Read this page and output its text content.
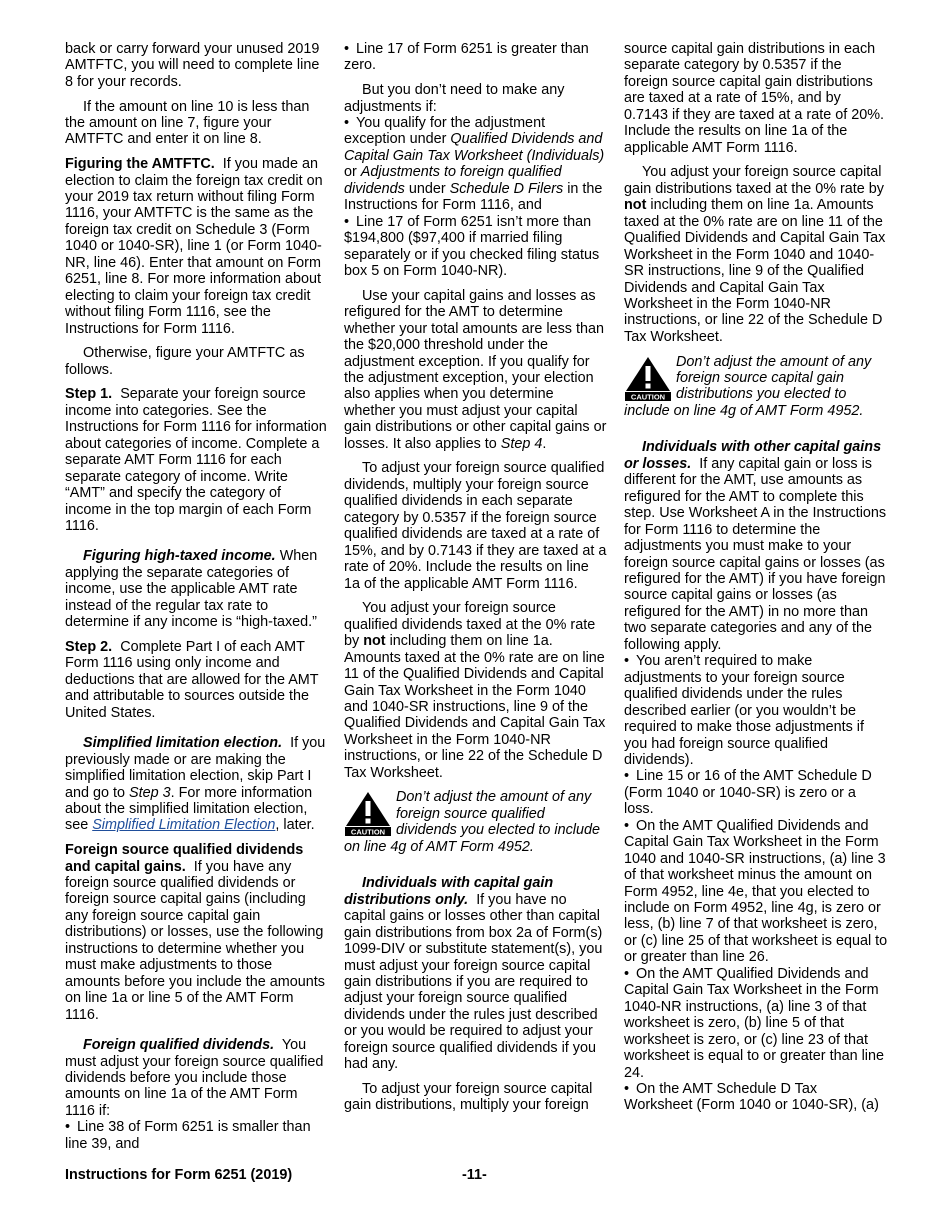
back or carry forward your unused 2019 AMTFTC, you will need to complete line 8 for your records.

If the amount on line 10 is less than the amount on line 7, figure your AMTFTC and enter it on line 8.

Figuring the AMTFTC. If you made an election to claim the foreign tax credit on your 2019 tax return without filing Form 1116, your AMTFTC is the same as the foreign tax credit on Schedule 3 (Form 1040 or 1040-SR), line 1 (or Form 1040-NR, line 46). Enter that amount on Form 6251, line 8. For more information about electing to claim your foreign tax credit without filing Form 1116, see the Instructions for Form 1116.

Otherwise, figure your AMTFTC as follows.

Step 1. Separate your foreign source income into categories. See the Instructions for Form 1116 for information about categories of income. Complete a separate AMT Form 1116 for each separate category of income. Write “AMT” and specify the category of income in the top margin of each Form 1116.

Figuring high-taxed income. When applying the separate categories of income, use the applicable AMT rate instead of the regular tax rate to determine if any income is “high-taxed.”

Step 2. Complete Part I of each AMT Form 1116 using only income and deductions that are allowed for the AMT and attributable to sources outside the United States.

Simplified limitation election. If you previously made or are making the simplified limitation election, skip Part I and go to Step 3. For more information about the simplified limitation election, see Simplified Limitation Election, later.

Foreign source qualified dividends and capital gains. If you have any foreign source qualified dividends or foreign source capital gains (including any foreign source capital gain distributions) or losses, use the following instructions to determine whether you must make adjustments to those amounts before you include the amounts on line 1a or line 5 of the AMT Form 1116.

Foreign qualified dividends. You must adjust your foreign source qualified dividends before you include those amounts on line 1a of the AMT Form 1116 if:

• Line 38 of Form 6251 is smaller than line 39, and

• Line 17 of Form 6251 is greater than zero.

But you don’t need to make any adjustments if:

• You qualify for the adjustment exception under Qualified Dividends and Capital Gain Tax Worksheet (Individuals) or Adjustments to foreign qualified dividends under Schedule D Filers in the Instructions for Form 1116, and

• Line 17 of Form 6251 isn’t more than $194,800 ($97,400 if married filing separately or if you checked filing status box 5 on Form 1040-NR).

Use your capital gains and losses as refigured for the AMT to determine whether your total amounts are less than the $20,000 threshold under the adjustment exception. If you qualify for the adjustment exception, your election also applies when you determine whether you must adjust your capital gain distributions or other capital gains or losses. It also applies to Step 4.

To adjust your foreign source qualified dividends, multiply your foreign source qualified dividends in each separate category by 0.5357 if the foreign source qualified dividends are taxed at a rate of 15%, and by 0.7143 if they are taxed at a rate of 20%. Include the results on line 1a of the applicable AMT Form 1116.

You adjust your foreign source qualified dividends taxed at the 0% rate by not including them on line 1a. Amounts taxed at the 0% rate are on line 11 of the Qualified Dividends and Capital Gain Tax Worksheet in the Form 1040 and 1040-SR instructions, line 9 of the Qualified Dividends and Capital Gain Tax Worksheet in the Form 1040-NR instructions, or line 22 of the Schedule D Tax Worksheet.

CAUTION
Don’t adjust the amount of any foreign source qualified dividends you elected to include on line 4g of AMT Form 4952.

Individuals with capital gain distributions only. If you have no capital gains or losses other than capital gain distributions from box 2a of Form(s) 1099-DIV or substitute statement(s), you must adjust your foreign source capital gain distributions if you are required to adjust your foreign source qualified dividends under the rules just described or you would be required to adjust your foreign source qualified dividends if you had any.

To adjust your foreign source capital gain distributions, multiply your foreign

source capital gain distributions in each separate category by 0.5357 if the foreign source capital gain distributions are taxed at a rate of 15%, and by 0.7143 if they are taxed at a rate of 20%. Include the results on line 1a of the applicable AMT Form 1116.

You adjust your foreign source capital gain distributions taxed at the 0% rate by not including them on line 1a. Amounts taxed at the 0% rate are on line 11 of the Qualified Dividends and Capital Gain Tax Worksheet in the Form 1040 and 1040-SR instructions, line 9 of the Qualified Dividends and Capital Gain Tax Worksheet in the Form 1040-NR instructions, or line 22 of the Schedule D Tax Worksheet.

CAUTION
Don’t adjust the amount of any foreign source capital gain distributions you elected to include on line 4g of AMT Form 4952.

Individuals with other capital gains or losses. If any capital gain or loss is different for the AMT, use amounts as refigured for the AMT to complete this step. Use Worksheet A in the Instructions for Form 1116 to determine the adjustments you must make to your foreign source capital gains or losses (as refigured for the AMT) if you have foreign source capital gains or losses (as refigured for the AMT) in no more than two separate categories and any of the following apply.

• You aren’t required to make adjustments to your foreign source qualified dividends under the rules described earlier (or you wouldn’t be required to make those adjustments if you had foreign source qualified dividends).
• Line 15 or 16 of the AMT Schedule D (Form 1040 or 1040-SR) is zero or a loss.
• On the AMT Qualified Dividends and Capital Gain Tax Worksheet in the Form 1040 and 1040-SR instructions, (a) line 3 of that worksheet minus the amount on Form 4952, line 4e, that you elected to include on Form 4952, line 4g, is zero or less, (b) line 7 of that worksheet is zero, or (c) line 25 of that worksheet is equal to or greater than line 26.
• On the AMT Qualified Dividends and Capital Gain Tax Worksheet in the Form 1040-NR instructions, (a) line 3 of that worksheet is zero, (b) line 5 of that worksheet is zero, or (c) line 23 of that worksheet is equal to or greater than line 24.
• On the AMT Schedule D Tax Worksheet (Form 1040 or 1040-SR), (a)
Instructions for Form 6251 (2019)	-11-
